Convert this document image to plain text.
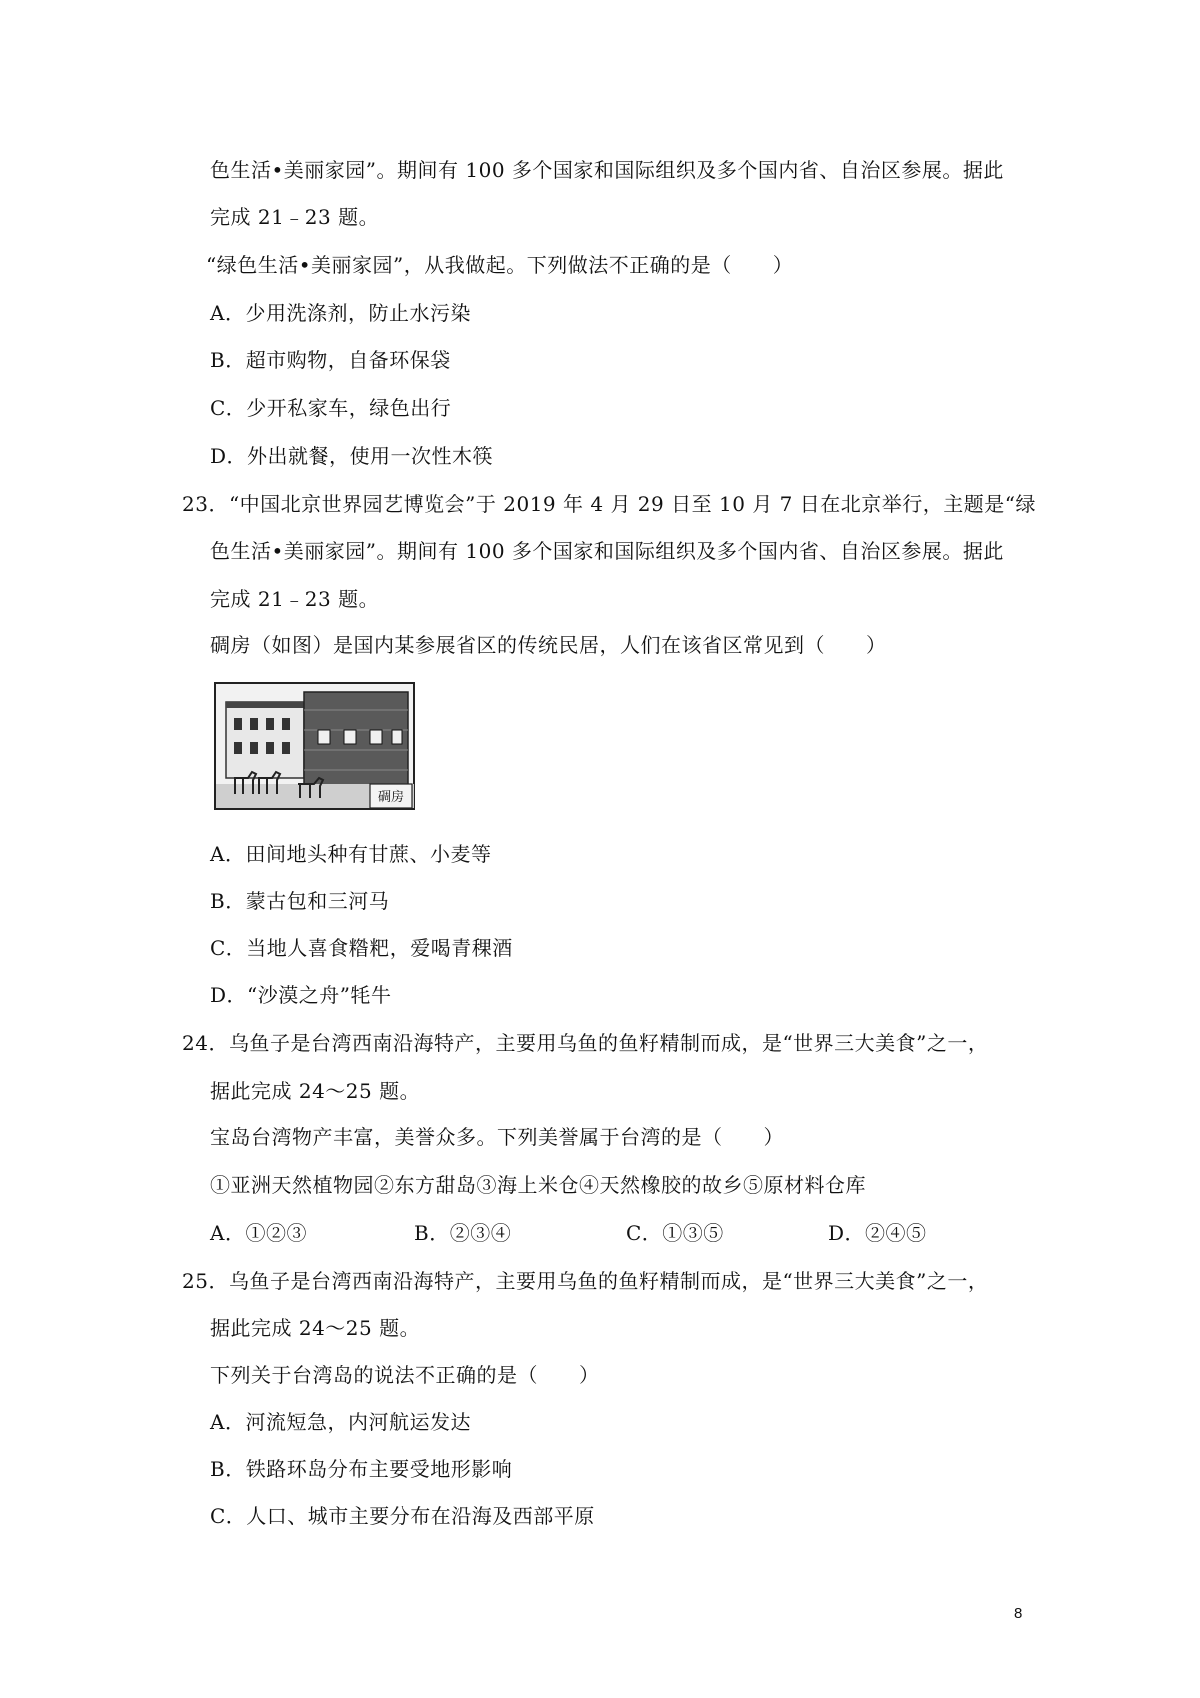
色生活•美丽家园”。期间有 100 多个国家和国际组织及多个国内省、自治区参展。据此
完成 21﹣23 题。
“绿色生活•美丽家园”，从我做起。下列做法不正确的是（　　）
A．少用洗涤剂，防止水污染
B．超市购物，自备环保袋
C．少开私家车，绿色出行
D．外出就餐，使用一次性木筷
23．“中国北京世界园艺博览会”于 2019 年 4 月 29 日至 10 月 7 日在北京举行，主题是“绿
色生活•美丽家园”。期间有 100 多个国家和国际组织及多个国内省、自治区参展。据此
完成 21﹣23 题。
碉房（如图）是国内某参展省区的传统民居，人们在该省区常见到（　　）
碉房
A．田间地头种有甘蔗、小麦等
B．蒙古包和三河马
C．当地人喜食糌粑，爱喝青稞酒
D．“沙漠之舟”牦牛
24．乌鱼子是台湾西南沿海特产，主要用乌鱼的鱼籽精制而成，是“世界三大美食”之一，
据此完成 24～25 题。
宝岛台湾物产丰富，美誉众多。下列美誉属于台湾的是（　　）
①亚洲天然植物园②东方甜岛③海上米仓④天然橡胶的故乡⑤原材料仓库
A．①②③	B．②③④	C．①③⑤	D．②④⑤
25．乌鱼子是台湾西南沿海特产，主要用乌鱼的鱼籽精制而成，是“世界三大美食”之一，
据此完成 24～25 题。
下列关于台湾岛的说法不正确的是（　　）
A．河流短急，内河航运发达
B．铁路环岛分布主要受地形影响
C．人口、城市主要分布在沿海及西部平原
8
